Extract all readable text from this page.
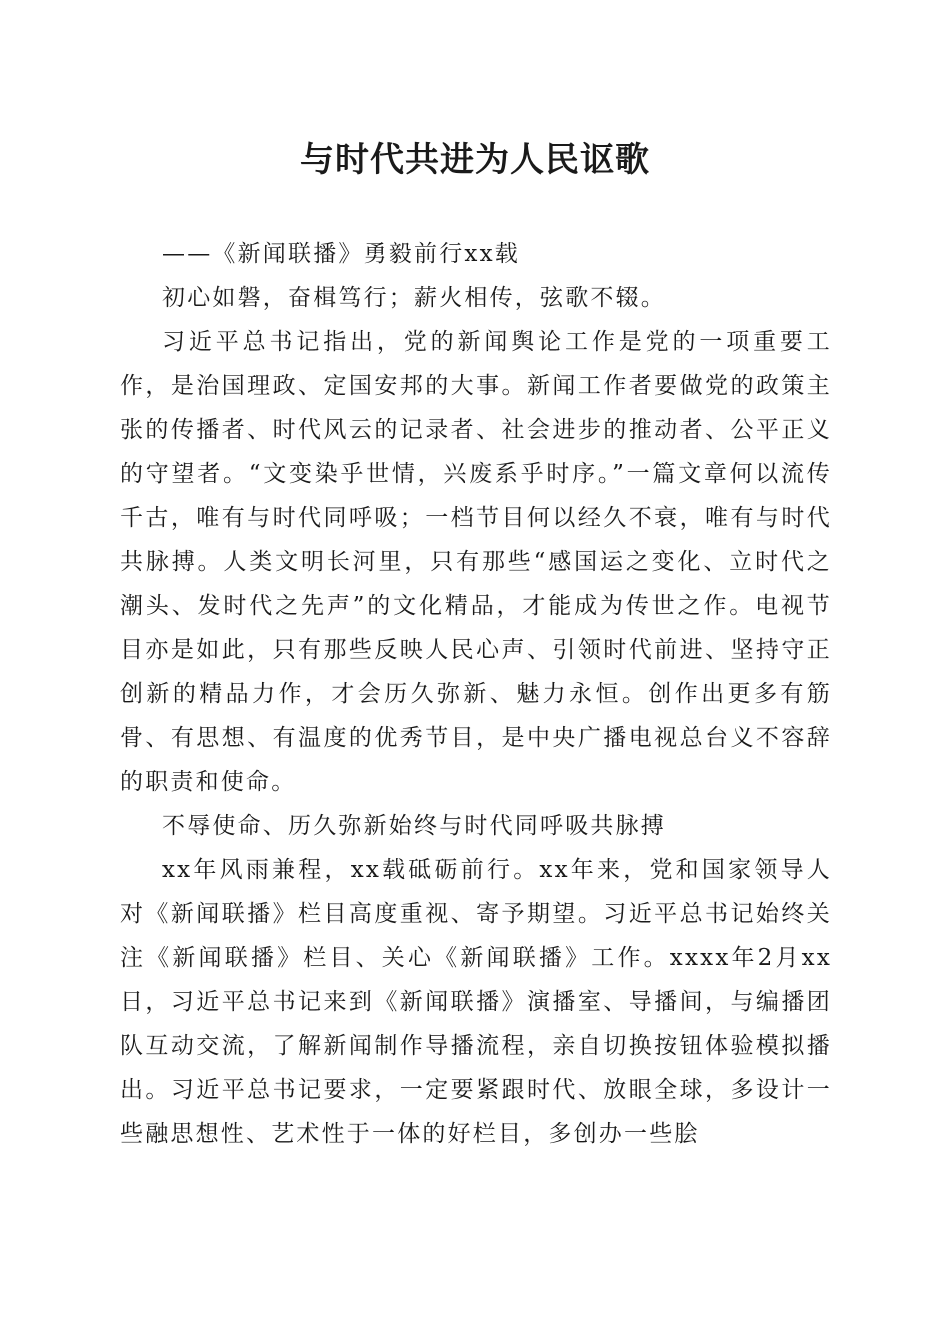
与时代共进为人民讴歌

——《新闻联播》勇毅前行xx载

初心如磐，奋楫笃行；薪火相传，弦歌不辍。

习近平总书记指出，党的新闻舆论工作是党的一项重要工作，是治国理政、定国安邦的大事。新闻工作者要做党的政策主张的传播者、时代风云的记录者、社会进步的推动者、公平正义的守望者。“文变染乎世情，兴废系乎时序。”一篇文章何以流传千古，唯有与时代同呼吸；一档节目何以经久不衰，唯有与时代共脉搏。人类文明长河里，只有那些“感国运之变化、立时代之潮头、发时代之先声”的文化精品，才能成为传世之作。电视节目亦是如此，只有那些反映人民心声、引领时代前进、坚持守正创新的精品力作，才会历久弥新、魅力永恒。创作出更多有筋骨、有思想、有温度的优秀节目，是中央广播电视总台义不容辞的职责和使命。

不辱使命、历久弥新始终与时代同呼吸共脉搏

xx年风雨兼程，xx载砥砺前行。xx年来，党和国家领导人对《新闻联播》栏目高度重视、寄予期望。习近平总书记始终关注《新闻联播》栏目、关心《新闻联播》工作。xxxx年2月xx日，习近平总书记来到《新闻联播》演播室、导播间，与编播团队互动交流，了解新闻制作导播流程，亲自切换按钮体验模拟播出。习近平总书记要求，一定要紧跟时代、放眼全球，多设计一些融思想性、艺术性于一体的好栏目，多创办一些脍
